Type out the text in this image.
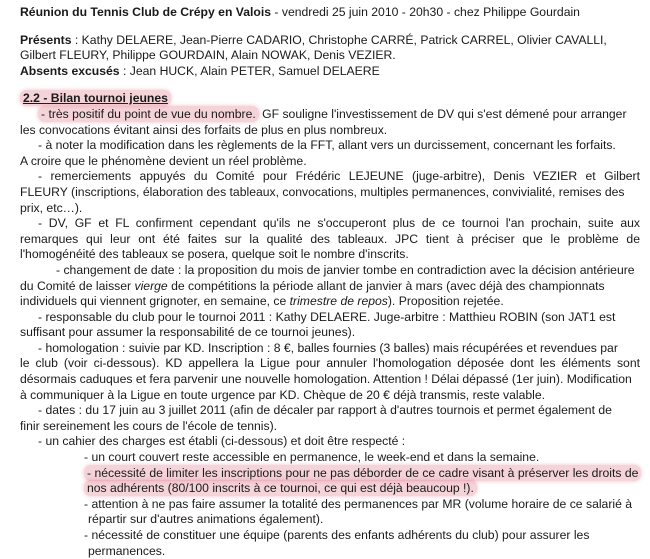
Réunion du Tennis Club de Crépy en Valois - vendredi 25 juin 2010 - 20h30 - chez Philippe Gourdain
Présents : Kathy DELAERE, Jean-Pierre CADARIO, Christophe CARRÉ, Patrick CARREL, Olivier CAVALLI,
Gilbert FLEURY, Philippe GOURDAIN, Alain NOWAK, Denis VEZIER.
Absents excusés : Jean HUCK, Alain PETER, Samuel DELAERE
2.2 - Bilan tournoi jeunes
- très positif du point de vue du nombre. GF souligne l'investissement de DV qui s'est démené pour arranger
les convocations évitant ainsi des forfaits de plus en plus nombreux.
- à noter la modification dans les règlements de la FFT, allant vers un durcissement, concernant les forfaits.
A croire que le phénomène devient un réel problème.
- remerciements appuyés du Comité pour Frédéric LEJEUNE (juge-arbitre), Denis VEZIER et Gilbert
FLEURY (inscriptions, élaboration des tableaux, convocations, multiples permanences, convivialité, remises des
prix, etc…).
- DV, GF et FL confirment cependant qu'ils ne s'occuperont plus de ce tournoi l'an prochain, suite aux
remarques qui leur ont été faites sur la qualité des tableaux. JPC tient à préciser que le problème de
l'homogénéité des tableaux se posera, quelque soit le nombre d'inscrits.
- changement de date : la proposition du mois de janvier tombe en contradiction avec la décision antérieure
du Comité de laisser vierge de compétitions la période allant de janvier à mars (avec déjà des championnats
individuels qui viennent grignoter, en semaine, ce trimestre de repos). Proposition rejetée.
- responsable du club pour le tournoi 2011 : Kathy DELAERE. Juge-arbitre : Matthieu ROBIN (son JAT1 est
suffisant pour assumer la responsabilité de ce tournoi jeunes).
- homologation : suivie par KD. Inscription : 8 €, balles fournies (3 balles) mais récupérées et revendues par
le club (voir ci-dessous). KD appellera la Ligue pour annuler l'homologation déposée dont les éléments sont
désormais caduques et fera parvenir une nouvelle homologation. Attention ! Délai dépassé (1er juin). Modification
à communiquer à la Ligue en toute urgence par KD. Chèque de 20 € déjà transmis, reste valable.
- dates : du 17 juin au 3 juillet 2011 (afin de décaler par rapport à d'autres tournois et permet également de
finir sereinement les cours de l'école de tennis).
- un cahier des charges est établi (ci-dessous) et doit être respecté :
- un court couvert reste accessible en permanence, le week-end et dans la semaine.
- nécessité de limiter les inscriptions pour ne pas déborder de ce cadre visant à préserver les droits de
nos adhérents (80/100 inscrits à ce tournoi, ce qui est déjà beaucoup !).
- attention à ne pas faire assumer la totalité des permanences par MR (volume horaire de ce salarié à
répartir sur d'autres animations également).
- nécessité de constituer une équipe (parents des enfants adhérents du club) pour assurer les
permanences.
